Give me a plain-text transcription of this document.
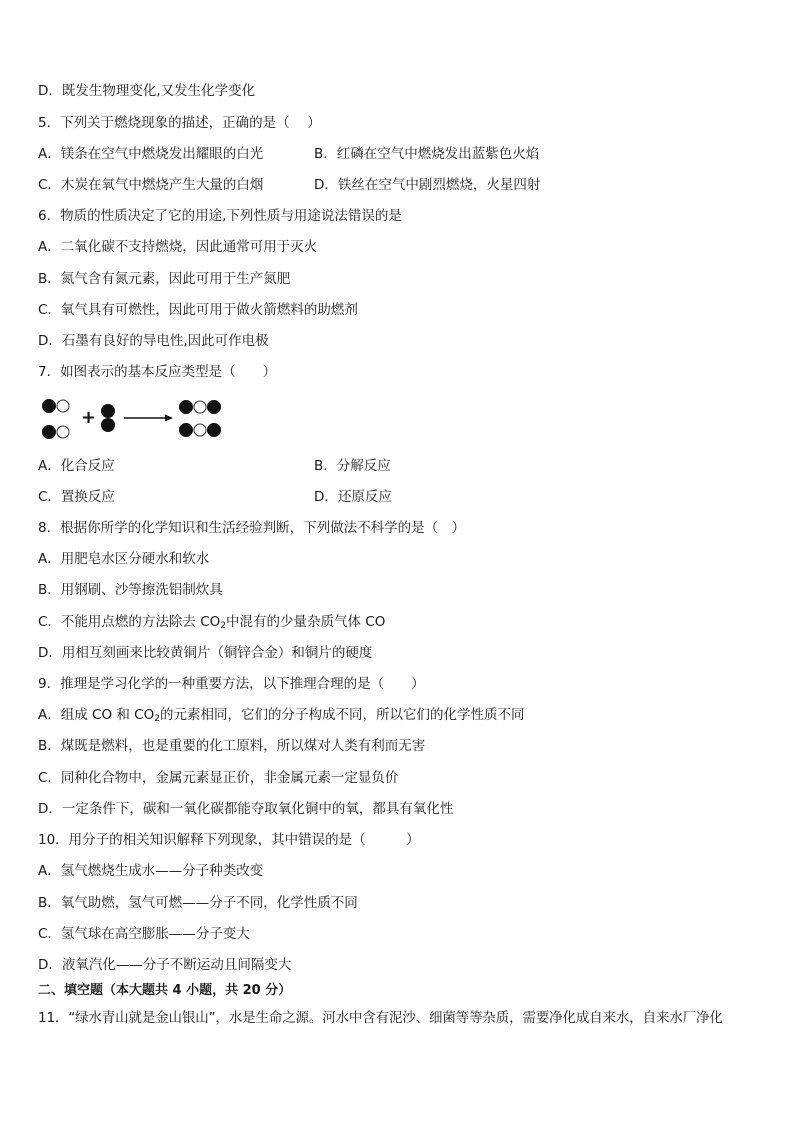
D．既发生物理变化,又发生化学变化
5．下列关于燃烧现象的描述，正确的是（　 ）
A．镁条在空气中燃烧发出耀眼的白光	B．红磷在空气中燃烧发出蓝紫色火焰
C．木炭在氧气中燃烧产生大量的白烟	D．铁丝在空气中剧烈燃烧，火星四射
6．物质的性质决定了它的用途,下列性质与用途说法错误的是
A．二氧化碳不支持燃烧，因此通常可用于灭火
B．氮气含有氮元素，因此可用于生产氮肥
C．氧气具有可燃性，因此可用于做火箭燃料的助燃剂
D．石墨有良好的导电性,因此可作电极
7．如图表示的基本反应类型是（　　）
+
A．化合反应	B．分解反应
C．置换反应	D．还原反应
8．根据你所学的化学知识和生活经验判断，下列做法不科学的是（　）
A．用肥皂水区分硬水和软水
B．用钢刷、沙等擦洗铝制炊具
C．不能用点燃的方法除去 $CO_2$中混有的少量杂质气体 CO
D．用相互刻画来比较黄铜片（铜锌合金）和铜片的硬度
9．推理是学习化学的一种重要方法，以下推理合理的是（　　）
A．组成 CO 和 $CO_2$的元素相同，它们的分子构成不同，所以它们的化学性质不同
B．煤既是燃料，也是重要的化工原料，所以煤对人类有利而无害
C．同种化合物中，金属元素显正价，非金属元素一定显负价
D．一定条件下，碳和一氧化碳都能夺取氧化铜中的氧，都具有氧化性
10．用分子的相关知识解释下列现象，其中错误的是（　　　）
A．氢气燃烧生成水——分子种类改变
B．氧气助燃，氢气可燃——分子不同，化学性质不同
C．氢气球在高空膨胀——分子变大
D．液氧汽化——分子不断运动且间隔变大
二、填空题（本大题共 4 小题，共 20 分）
11．“绿水青山就是金山银山”，水是生命之源。河水中含有泥沙、细菌等等杂质，需要净化成自来水，自来水厂净化
